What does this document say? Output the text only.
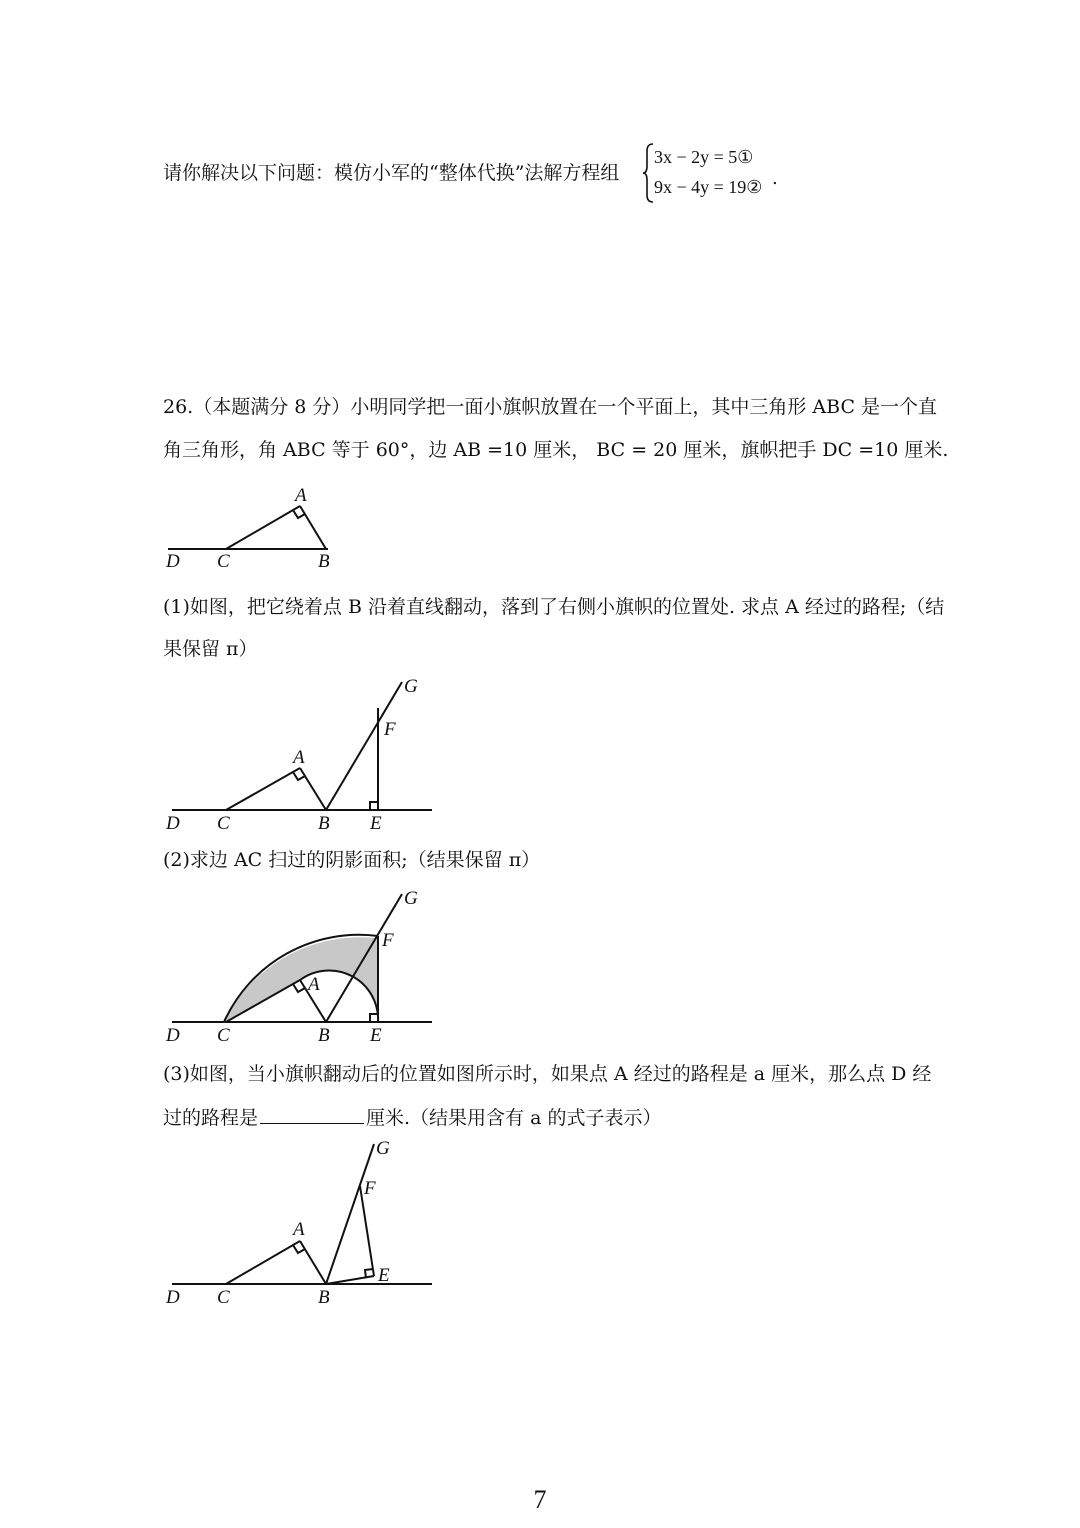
请你解决以下问题：模仿小军的“整体代换”法解方程组
3x − 2y = 5①
9x − 4y = 19② .
26.（本题满分 8 分）小明同学把一面小旗帜放置在一个平面上，其中三角形 ABC 是一个直
角三角形，角 ABC 等于 60°，边 AB =10 厘米， BC = 20 厘米，旗帜把手 DC =10 厘米.
D C	B
A
(1)如图，把它绕着点 B 沿着直线翻动，落到了右侧小旗帜的位置处. 求点 A 经过的路程;（结
果保留 π）
D C	B E
A
F
G
(2)求边 AC 扫过的阴影面积;（结果保留 π）
D C	B E
A
F
G
(3)如图，当小旗帜翻动后的位置如图所示时，如果点 A 经过的路程是 a 厘米，那么点 D 经
过的路程是	厘米.（结果用含有 a 的式子表示）
D C	B
E
A
F
G
7
